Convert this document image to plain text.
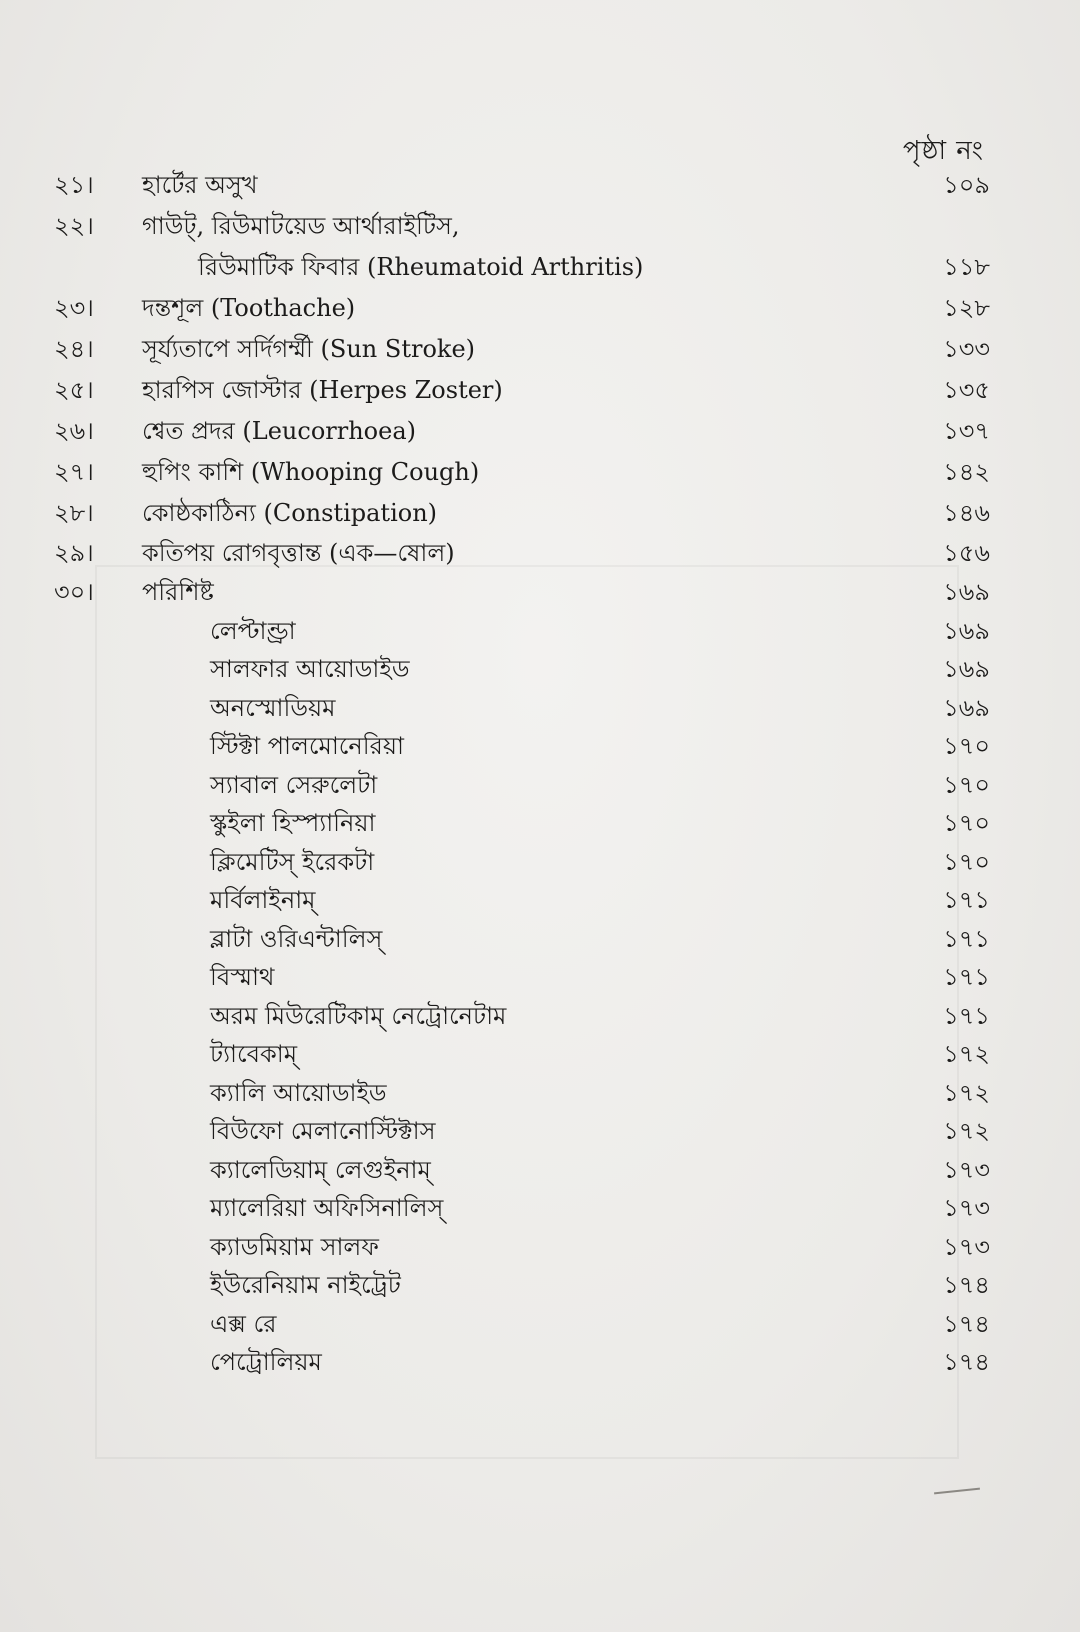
পৃষ্ঠা নং
২১। হার্টের অসুখ	১০৯
২২। গাউট্, রিউমাটয়েড আর্থারাইটিস,
রিউমাটিক ফিবার (Rheumatoid Arthritis)	১১৮
২৩। দন্তশূল (Toothache)	১২৮
২৪। সূর্য্যতাপে সর্দিগর্ম্মী (Sun Stroke)	১৩৩
২৫। হারপিস জোস্টার (Herpes Zoster)	১৩৫
২৬। শ্বেত প্রদর (Leucorrhoea)	১৩৭
২৭। হুপিং কাশি (Whooping Cough)	১৪২
২৮। কোষ্ঠকাঠিন্য (Constipation)	১৪৬
২৯। কতিপয় রোগবৃত্তান্ত (এক—ষোল)	১৫৬
৩০। পরিশিষ্ট	১৬৯
লেপ্টাণ্ড্রা	১৬৯
সালফার আয়োডাইড	১৬৯
অনস্মোডিয়ম	১৬৯
স্টিক্টা পালমোনেরিয়া	১৭০
স্যাবাল সেরুলেটা	১৭০
স্কুইলা হিস্প্যানিয়া	১৭০
ক্লিমেটিস্ ইরেকটা	১৭০
মর্বিলাইনাম্	১৭১
ব্লাটা ওরিএন্টালিস্	১৭১
বিস্মাথ	১৭১
অরম মিউরেটিকাম্ নেট্রোনেটাম	১৭১
ট্যাবেকাম্	১৭২
ক্যালি আয়োডাইড	১৭২
বিউফো মেলানোস্টিক্টাস	১৭২
ক্যালেডিয়াম্ লেগুইনাম্	১৭৩
ম্যালেরিয়া অফিসিনালিস্	১৭৩
ক্যাডমিয়াম সালফ	১৭৩
ইউরেনিয়াম নাইট্রেট	১৭৪
এক্স রে	১৭৪
পেট্রোলিয়ম	১৭৪
